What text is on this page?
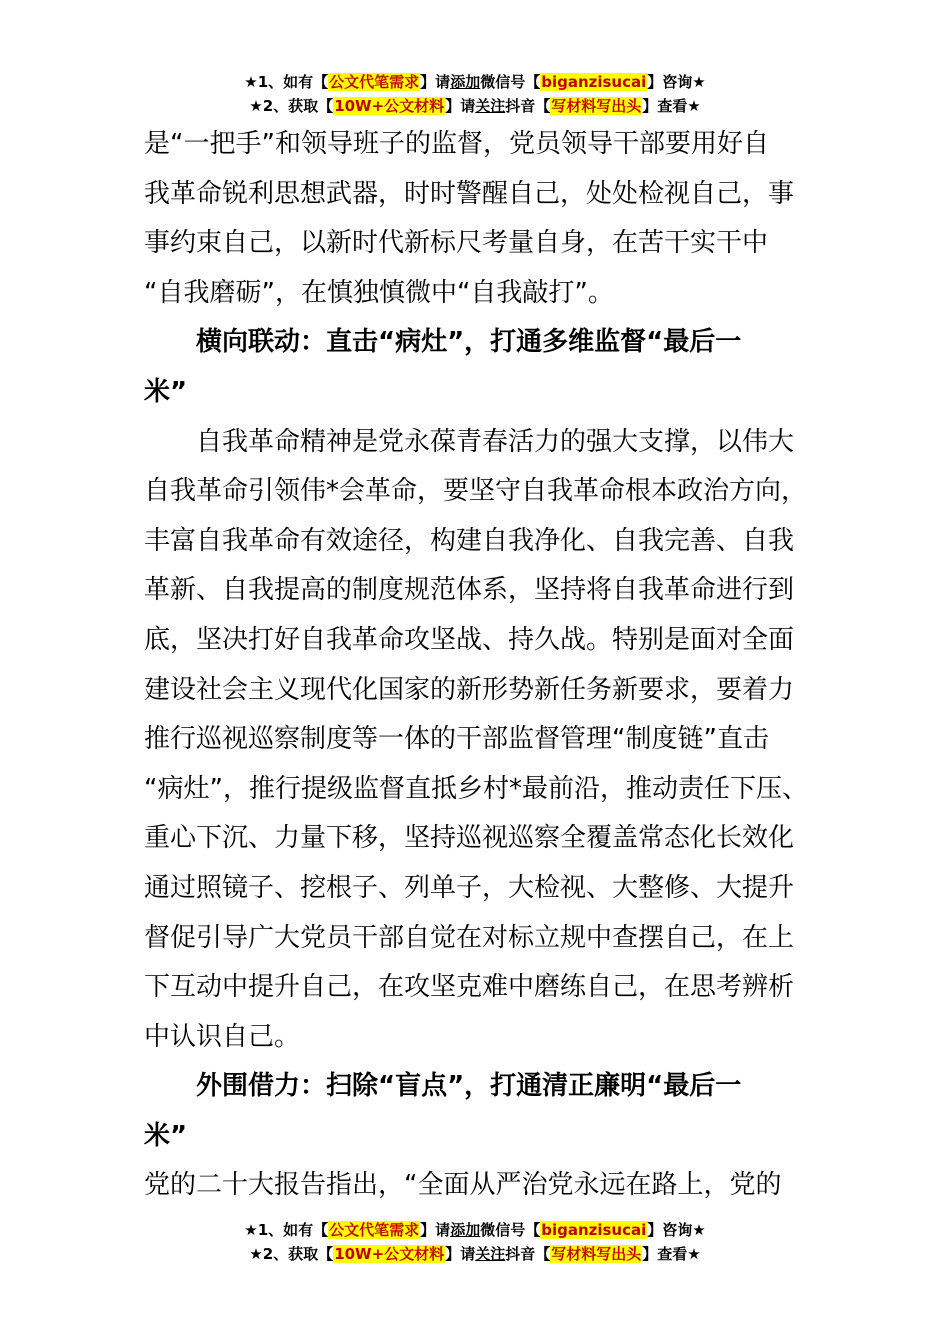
★1、如有【公文代笔需求】请添加微信号【biganzisucai】咨询★
★2、获取【10W+公文材料】请关注抖音【写材料写出头】查看★
是“一把手”和领导班子的监督，党员领导干部要用好自
我革命锐利思想武器，时时警醒自己，处处检视自己，事
事约束自己，以新时代新标尺考量自身，在苦干实干中
“自我磨砺”，在慎独慎微中“自我敲打”。
横向联动：直击“病灶”，打通多维监督“最后一
米”
自我革命精神是党永葆青春活力的强大支撑，以伟大
自我革命引领伟*会革命，要坚守自我革命根本政治方向，
丰富自我革命有效途径，构建自我净化、自我完善、自我
革新、自我提高的制度规范体系，坚持将自我革命进行到
底，坚决打好自我革命攻坚战、持久战。特别是面对全面
建设社会主义现代化国家的新形势新任务新要求，要着力
推行巡视巡察制度等一体的干部监督管理“制度链”直击
“病灶”，推行提级监督直抵乡村*最前沿，推动责任下压、
重心下沉、力量下移，坚持巡视巡察全覆盖常态化长效化
通过照镜子、挖根子、列单子，大检视、大整修、大提升
督促引导广大党员干部自觉在对标立规中查摆自己，在上
下互动中提升自己，在攻坚克难中磨练自己，在思考辨析
中认识自己。
外围借力：扫除“盲点”，打通清正廉明“最后一
米”
党的二十大报告指出，“全面从严治党永远在路上，党的
★1、如有【公文代笔需求】请添加微信号【biganzisucai】咨询★
★2、获取【10W+公文材料】请关注抖音【写材料写出头】查看★
